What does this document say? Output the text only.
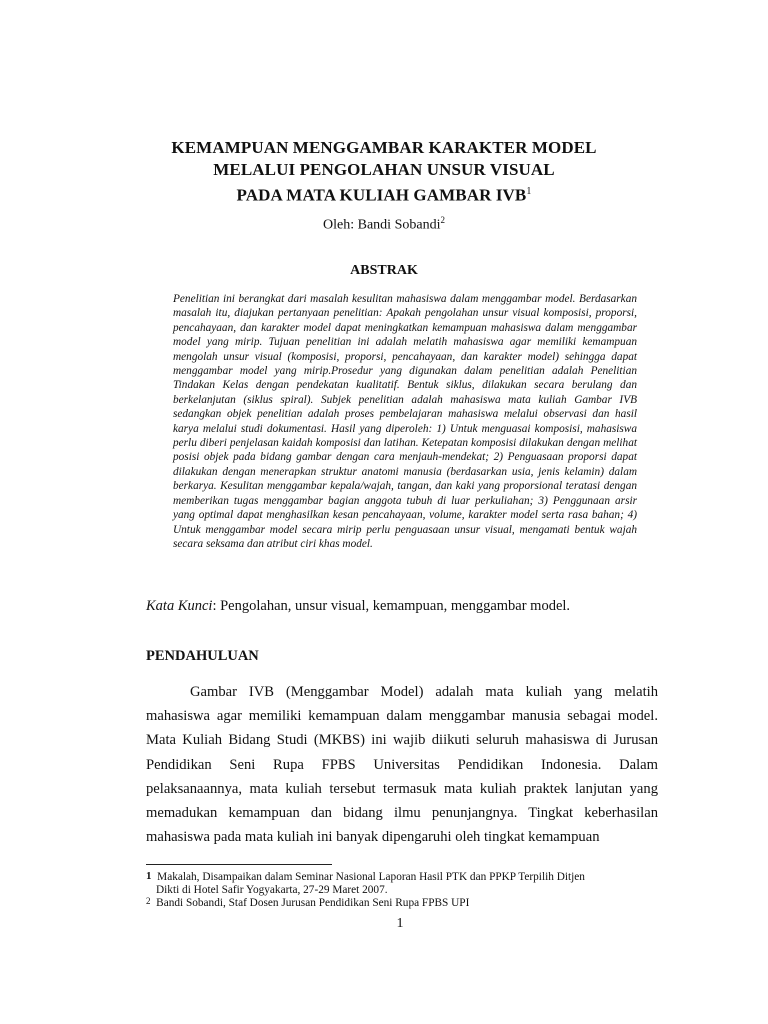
KEMAMPUAN MENGGAMBAR KARAKTER MODEL
MELALUI PENGOLAHAN UNSUR VISUAL
PADA MATA KULIAH GAMBAR IVB$^1$
Oleh: Bandi Sobandi$^2$
ABSTRAK

Penelitian ini berangkat dari masalah kesulitan mahasiswa dalam menggambar model. Berdasarkan masalah itu, diajukan pertanyaan penelitian: Apakah pengolahan unsur visual komposisi, proporsi, pencahayaan, dan karakter model dapat meningkatkan kemampuan mahasiswa dalam menggambar model yang mirip. Tujuan penelitian ini adalah melatih mahasiswa agar memiliki kemampuan mengolah unsur visual (komposisi, proporsi, pencahayaan, dan karakter model) sehingga dapat menggambar model yang mirip.Prosedur yang digunakan dalam penelitian adalah Penelitian Tindakan Kelas dengan pendekatan kualitatif. Bentuk siklus, dilakukan secara berulang dan berkelanjutan (siklus spiral). Subjek penelitian adalah mahasiswa mata kuliah Gambar IVB sedangkan objek penelitian adalah proses pembelajaran mahasiswa melalui observasi dan hasil karya melalui studi dokumentasi. Hasil yang diperoleh: 1) Untuk menguasai komposisi, mahasiswa perlu diberi penjelasan kaidah komposisi dan latihan. Ketepatan komposisi dilakukan dengan melihat posisi objek pada bidang gambar dengan cara menjauh-mendekat; 2) Penguasaan proporsi dapat dilakukan dengan menerapkan struktur anatomi manusia (berdasarkan usia, jenis kelamin) dalam berkarya. Kesulitan menggambar kepala/wajah, tangan, dan kaki yang proporsional teratasi dengan memberikan tugas menggambar bagian anggota tubuh di luar perkuliahan; 3) Penggunaan arsir yang optimal dapat menghasilkan kesan pencahayaan, volume, karakter model serta rasa bahan; 4) Untuk menggambar model secara mirip perlu penguasaan unsur visual, mengamati bentuk wajah secara seksama dan atribut ciri khas model.

Kata Kunci: Pengolahan, unsur visual, kemampuan, menggambar model.
PENDAHULUAN

Gambar IVB (Menggambar Model) adalah mata kuliah yang melatih mahasiswa agar memiliki kemampuan dalam menggambar manusia sebagai model. Mata Kuliah Bidang Studi (MKBS) ini wajib diikuti seluruh mahasiswa di Jurusan Pendidikan Seni Rupa FPBS Universitas Pendidikan Indonesia. Dalam pelaksanaannya, mata kuliah tersebut termasuk mata kuliah praktek lanjutan yang memadukan kemampuan dan bidang ilmu penunjangnya. Tingkat keberhasilan mahasiswa pada mata kuliah ini banyak dipengaruhi oleh tingkat kemampuan

$^1$ Makalah, Disampaikan dalam Seminar Nasional Laporan Hasil PTK dan PPKP Terpilih Ditjen
Dikti di Hotel Safir Yogyakarta, 27-29 Maret 2007.
$^2$ Bandi Sobandi, Staf Dosen Jurusan Pendidikan Seni Rupa FPBS UPI
1
